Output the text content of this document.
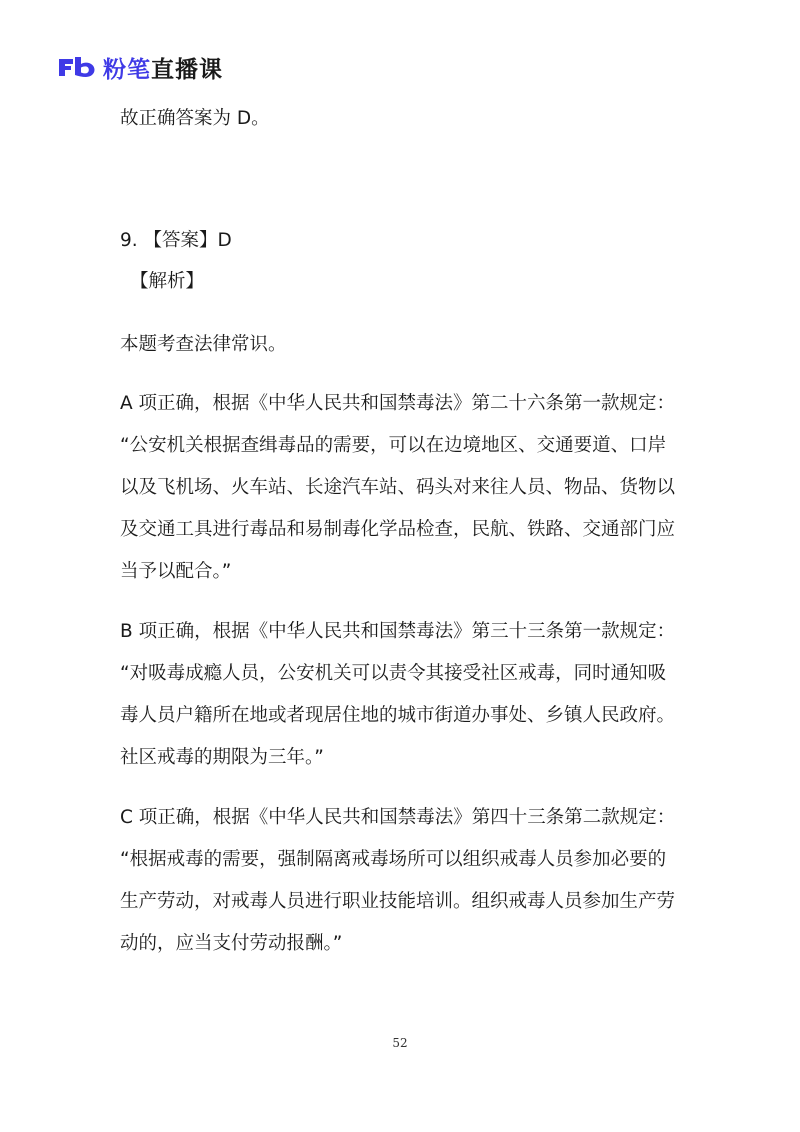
粉笔直播课
故正确答案为 D。
9. 【答案】D
【解析】
本题考查法律常识。
A 项正确，根据《中华人民共和国禁毒法》第二十六条第一款规定：
“公安机关根据查缉毒品的需要，可以在边境地区、交通要道、口岸
以及飞机场、火车站、长途汽车站、码头对来往人员、物品、货物以
及交通工具进行毒品和易制毒化学品检查，民航、铁路、交通部门应
当予以配合。”
B 项正确，根据《中华人民共和国禁毒法》第三十三条第一款规定：
“对吸毒成瘾人员，公安机关可以责令其接受社区戒毒，同时通知吸
毒人员户籍所在地或者现居住地的城市街道办事处、乡镇人民政府。
社区戒毒的期限为三年。”
C 项正确，根据《中华人民共和国禁毒法》第四十三条第二款规定：
“根据戒毒的需要，强制隔离戒毒场所可以组织戒毒人员参加必要的
生产劳动，对戒毒人员进行职业技能培训。组织戒毒人员参加生产劳
动的，应当支付劳动报酬。”
52
